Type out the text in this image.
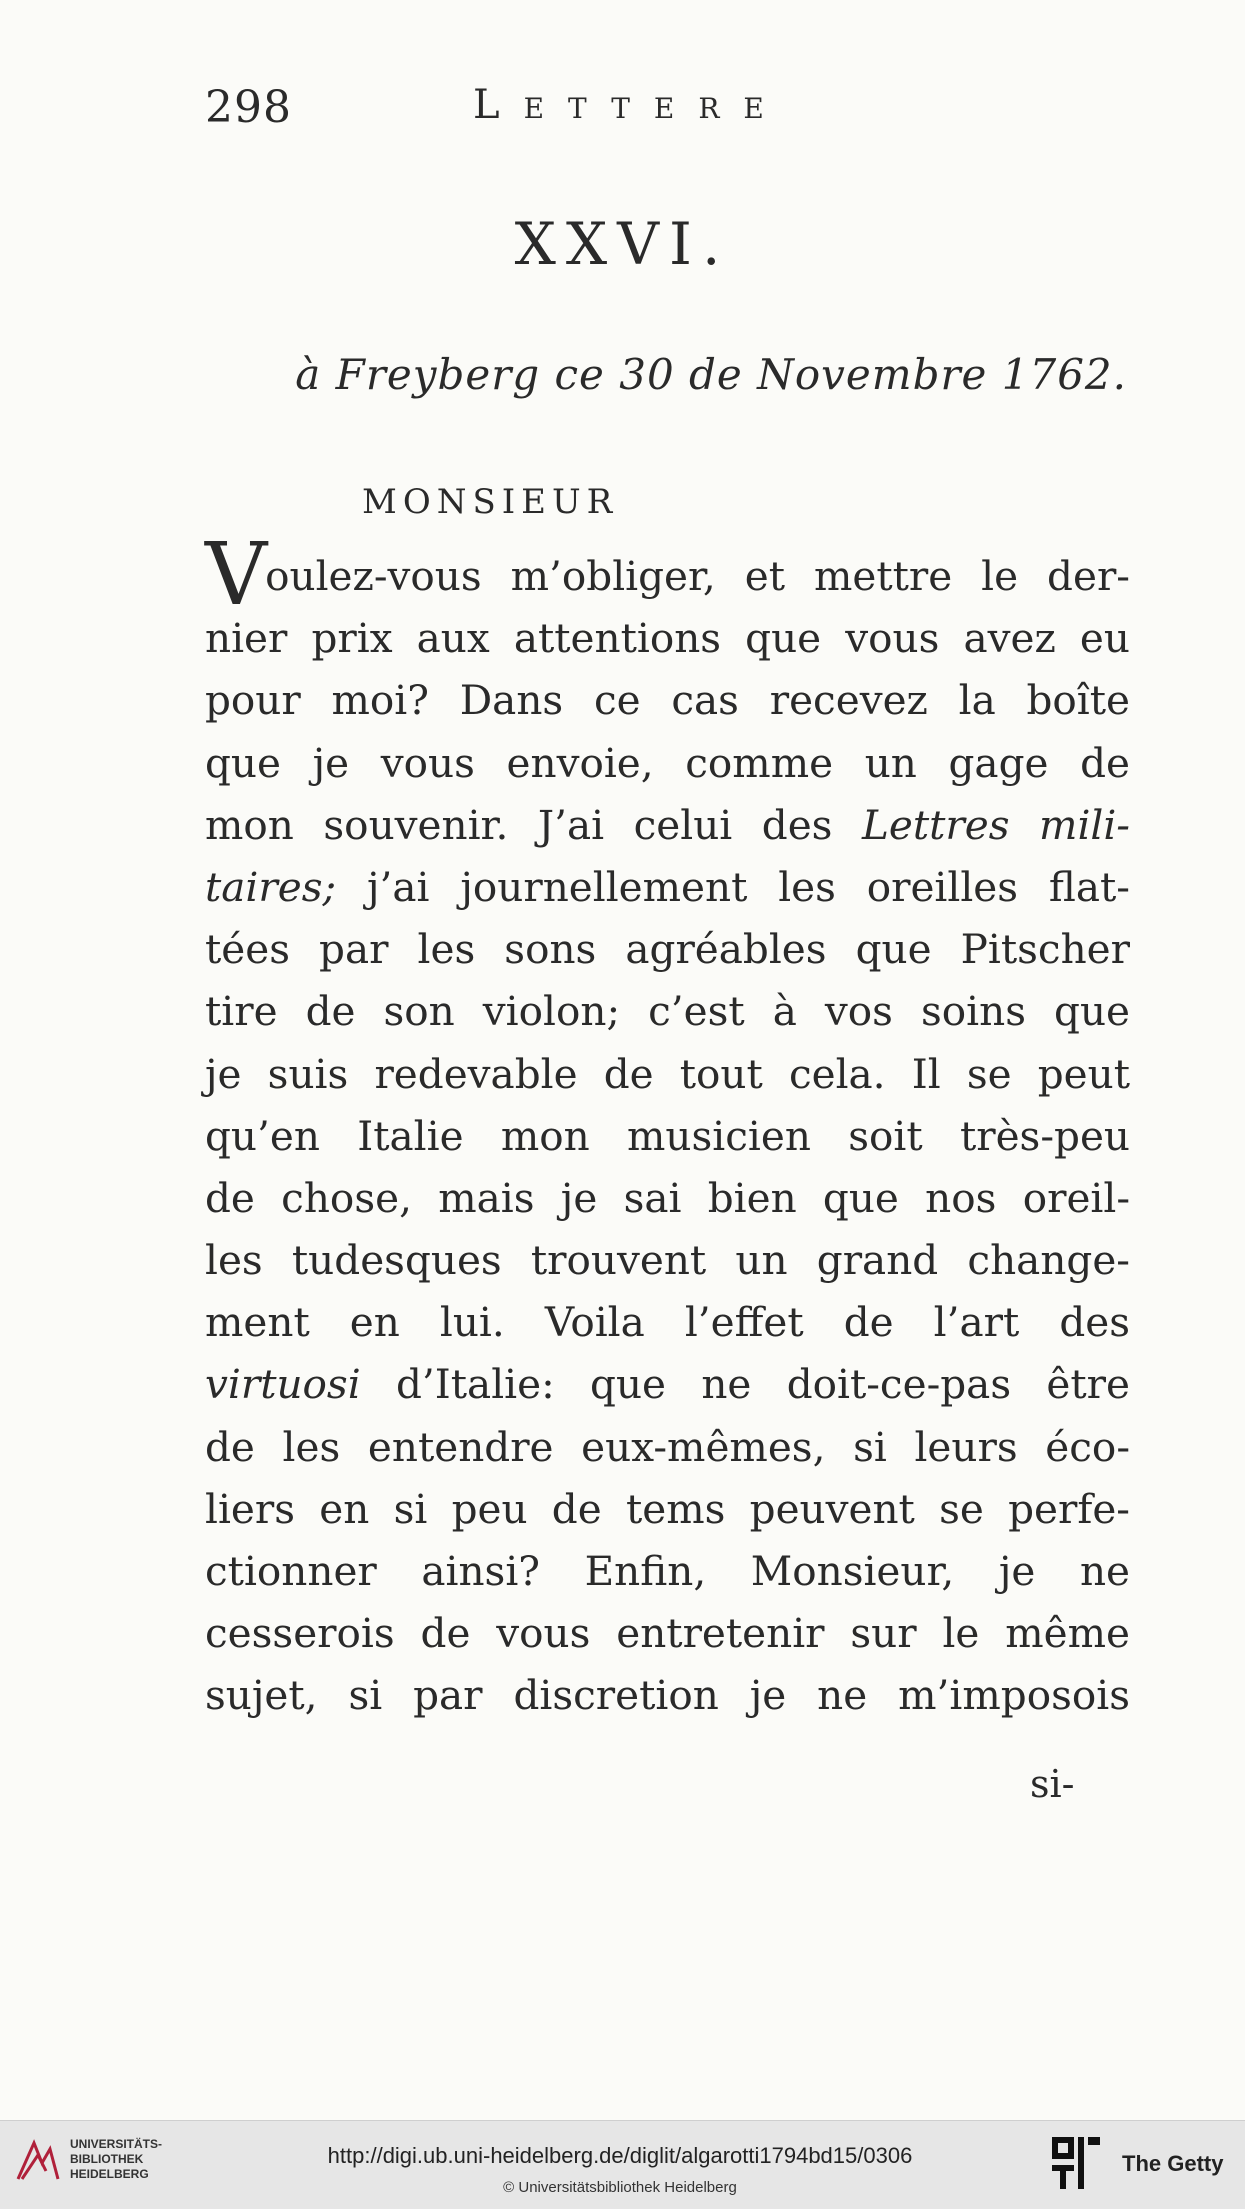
298	Lettere
XXVI.
à Freyberg ce 30 de Novembre 1762.
MONSIEUR
V
oulez-vous m’obliger, et mettre le der-
nier prix aux attentions que vous avez eu
pour moi? Dans ce cas recevez la boîte
que je vous envoie, comme un gage de
mon souvenir. J’ai celui des Lettres mili-
taires; j’ai journellement les oreilles flat-
tées par les sons agréables que Pitscher
tire de son violon; c’est à vos soins que
je suis redevable de tout cela. Il se peut
qu’en Italie mon musicien soit très-peu
de chose, mais je sai bien que nos oreil-
les tudesques trouvent un grand change-
ment en lui. Voila l’effet de l’art des
virtuosi d’Italie: que ne doit-ce-pas être
de les entendre eux-mêmes, si leurs éco-
liers en si peu de tems peuvent se perfe-
ctionner ainsi? Enfin, Monsieur, je ne
cesserois de vous entretenir sur le même
sujet, si par discretion je ne m’imposois
si-
UNIVERSITÄTS-
BIBLIOTHEK
HEIDELBERG
http://digi.ub.uni-heidelberg.de/diglit/algarotti1794bd15/0306
© Universitätsbibliothek Heidelberg
The Getty
